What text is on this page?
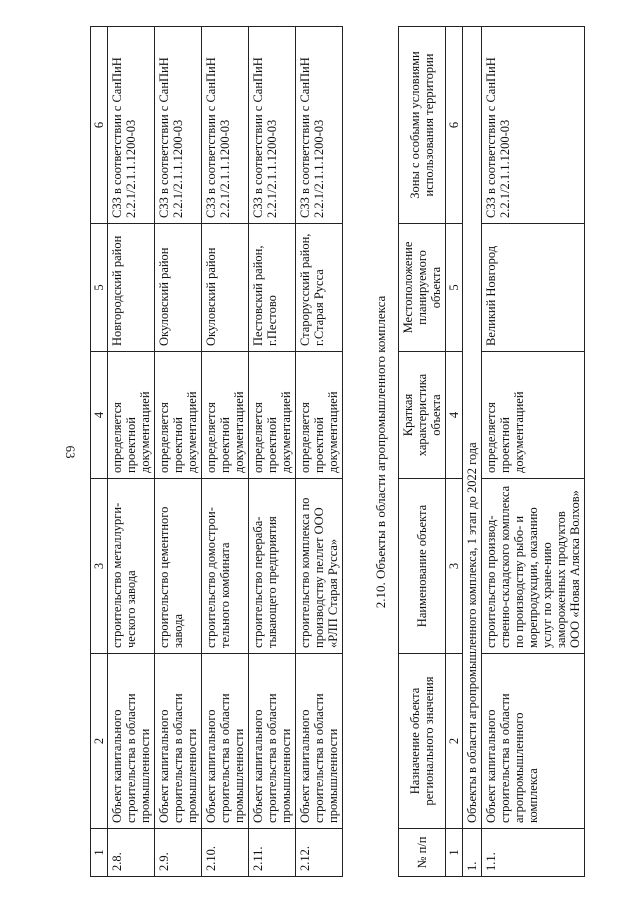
63
1	2	3	4	5	6
2.8.	Объект капитального строительства в области промышленности	строительство металлурги-ческого завода	определяется проектной документацией	Новгородский район	СЗЗ в соответствии с СанПиН 2.2.1/2.1.1.1200-03
2.9.	Объект капитального строительства в области промышленности	строительство цементного завода	определяется проектной документацией	Окуловский район	СЗЗ в соответствии с СанПиН 2.2.1/2.1.1.1200-03
2.10.	Объект капитального строительства в области промышленности	строительство домострои-тельного комбината	определяется проектной документацией	Окуловский район	СЗЗ в соответствии с СанПиН 2.2.1/2.1.1.1200-03
2.11.	Объект капитального строительства в области промышленности	строительство перераба-тывающего предприятия	определяется проектной документацией	Пестовский район, г.Пестово	СЗЗ в соответствии с СанПиН 2.2.1/2.1.1.1200-03
2.12.	Объект капитального строительства в области промышленности	строительство комплекса по производству пеллет ООО «РЛП Старая Русса»	определяется проектной документацией	Старорусский район, г.Старая Русса	СЗЗ в соответствии с СанПиН 2.2.1/2.1.1.1200-03
2.10. Объекты в области агропромышленного комплекса
№ п/п	Назначение объекта регионального значения	Наименование объекта	Краткая характеристика объекта	Местоположение планируемого объекта	Зоны с особыми условиями использования территории
1	2	3	4	5	6
1.	Объекты в области агропромышленного комплекса, 1 этап до 2022 года				
1.1.	Объект капитального строительства в области агропромышленного комплекса	строительство производ-ственно-складского комплекса по производству рыбо- и морепродукции, оказанию услуг по хране-нию замороженных продуктов ООО «Новая Аляска Волхов»	определяется проектной документацией	Великий Новгород	СЗЗ в соответствии с СанПиН 2.2.1/2.1.1.1200-03
